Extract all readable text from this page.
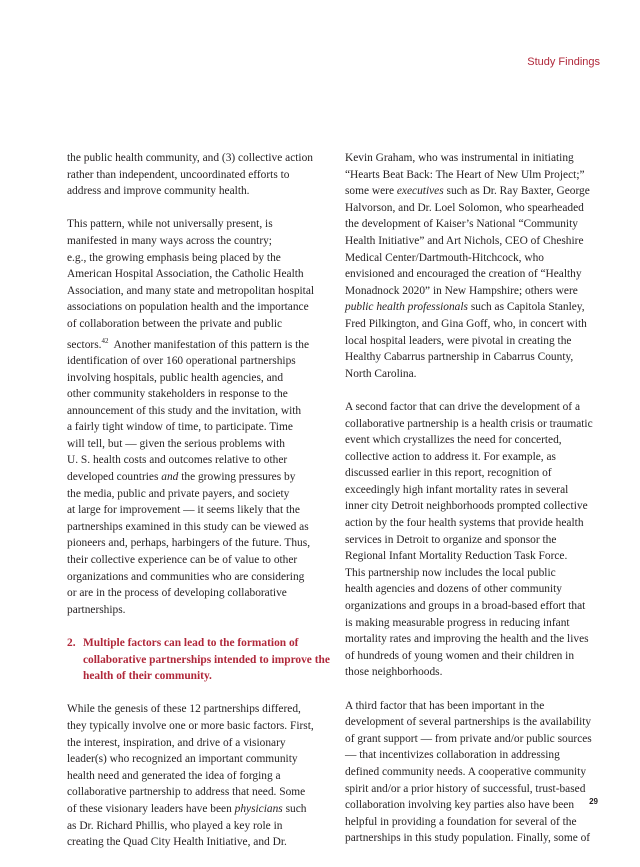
Study Findings

the public health community, and (3) collective action
rather than independent, uncoordinated efforts to
address and improve community health.

This pattern, while not universally present, is
manifested in many ways across the country;
e.g., the growing emphasis being placed by the
American Hospital Association, the Catholic Health
Association, and many state and metropolitan hospital
associations on population health and the importance
of collaboration between the private and public
sectors.$^{42}$  Another manifestation of this pattern is the
identification of over 160 operational partnerships
involving hospitals, public health agencies, and
other community stakeholders in response to the
announcement of this study and the invitation, with
a fairly tight window of time, to participate. Time
will tell, but — given the serious problems with
U. S. health costs and outcomes relative to other
developed countries and the growing pressures by
the media, public and private payers, and society
at large for improvement — it seems likely that the
partnerships examined in this study can be viewed as
pioneers and, perhaps, harbingers of the future. Thus,
their collective experience can be of value to other
organizations and communities who are considering
or are in the process of developing collaborative
partnerships.

2. Multiple factors can lead to the formation of
collaborative partnerships intended to improve the
health of their community.

While the genesis of these 12 partnerships differed,
they typically involve one or more basic factors. First,
the interest, inspiration, and drive of a visionary
leader(s) who recognized an important community
health need and generated the idea of forging a
collaborative partnership to address that need. Some
of these visionary leaders have been physicians such
as Dr. Richard Phillis, who played a key role in
creating the Quad City Health Initiative, and Dr.

Kevin Graham, who was instrumental in initiating
“Hearts Beat Back: The Heart of New Ulm Project;”
some were executives such as Dr. Ray Baxter, George
Halvorson, and Dr. Loel Solomon, who spearheaded
the development of Kaiser’s National “Community
Health Initiative” and Art Nichols, CEO of Cheshire
Medical Center/Dartmouth-Hitchcock, who
envisioned and encouraged the creation of “Healthy
Monadnock 2020” in New Hampshire; others were
public health professionals such as Capitola Stanley,
Fred Pilkington, and Gina Goff, who, in concert with
local hospital leaders, were pivotal in creating the
Healthy Cabarrus partnership in Cabarrus County,
North Carolina.

A second factor that can drive the development of a
collaborative partnership is a health crisis or traumatic
event which crystallizes the need for concerted,
collective action to address it. For example, as
discussed earlier in this report, recognition of
exceedingly high infant mortality rates in several
inner city Detroit neighborhoods prompted collective
action by the four health systems that provide health
services in Detroit to organize and sponsor the
Regional Infant Mortality Reduction Task Force.
This partnership now includes the local public
health agencies and dozens of other community
organizations and groups in a broad-based effort that
is making measurable progress in reducing infant
mortality rates and improving the health and the lives
of hundreds of young women and their children in
those neighborhoods.

A third factor that has been important in the
development of several partnerships is the availability
of grant support — from private and/or public sources
— that incentivizes collaboration in addressing
defined community needs. A cooperative community
spirit and/or a prior history of successful, trust-based
collaboration involving key parties also have been
helpful in providing a foundation for several of the
partnerships in this study population. Finally, some of

29
